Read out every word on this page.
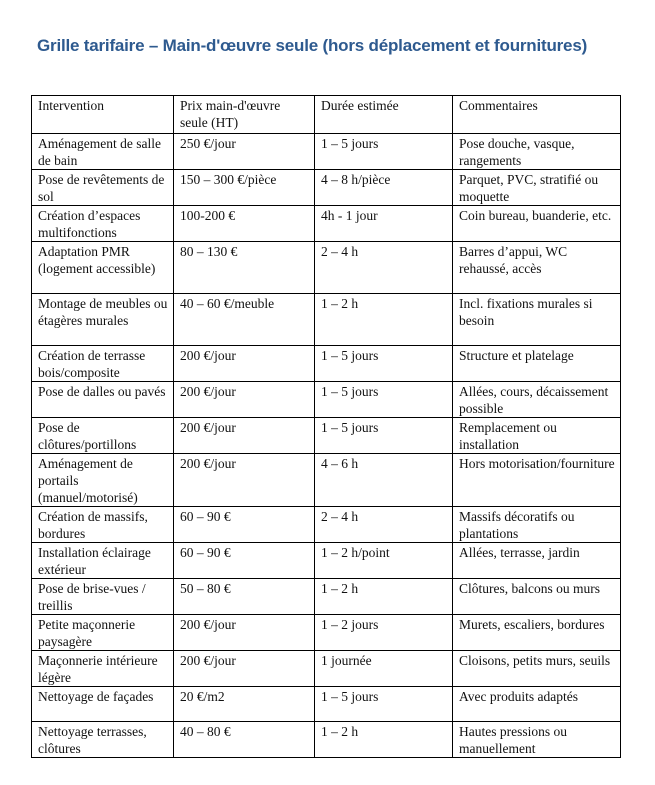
Grille tarifaire – Main-d'œuvre seule (hors déplacement et fournitures)
Intervention	Prix main-d'œuvre seule (HT)	Durée estimée	Commentaires
Aménagement de salle de bain	250 €/jour	1 – 5 jours	Pose douche, vasque, rangements
Pose de revêtements de sol	150 – 300 €/pièce	4 – 8 h/pièce	Parquet, PVC, stratifié ou moquette
Création d’espaces multifonctions	100-200 €	4h - 1 jour	Coin bureau, buanderie, etc.
Adaptation PMR (logement accessible)	80 – 130 €	2 – 4 h	Barres d’appui, WC rehaussé, accès
Montage de meubles ou étagères murales	40 – 60 €/meuble	1 – 2 h	Incl. fixations murales si besoin
Création de terrasse bois/composite	200 €/jour	1 – 5 jours	Structure et platelage
Pose de dalles ou pavés	200 €/jour	1 – 5 jours	Allées, cours, décaissement possible
Pose de clôtures/portillons	200 €/jour	1 – 5 jours	Remplacement ou installation
Aménagement de portails (manuel/motorisé)	200 €/jour	4 – 6 h	Hors motorisation/fourniture
Création de massifs, bordures	60 – 90 €	2 – 4 h	Massifs décoratifs ou plantations
Installation éclairage extérieur	60 – 90 €	1 – 2 h/point	Allées, terrasse, jardin
Pose de brise-vues / treillis	50 – 80 €	1 – 2 h	Clôtures, balcons ou murs
Petite maçonnerie paysagère	200 €/jour	1 – 2 jours	Murets, escaliers, bordures
Maçonnerie intérieure légère	200 €/jour	1 journée	Cloisons, petits murs, seuils
Nettoyage de façades	20 €/m2	1 – 5 jours	Avec produits adaptés
Nettoyage terrasses, clôtures	40 – 80 €	1 – 2 h	Hautes pressions ou manuellement
